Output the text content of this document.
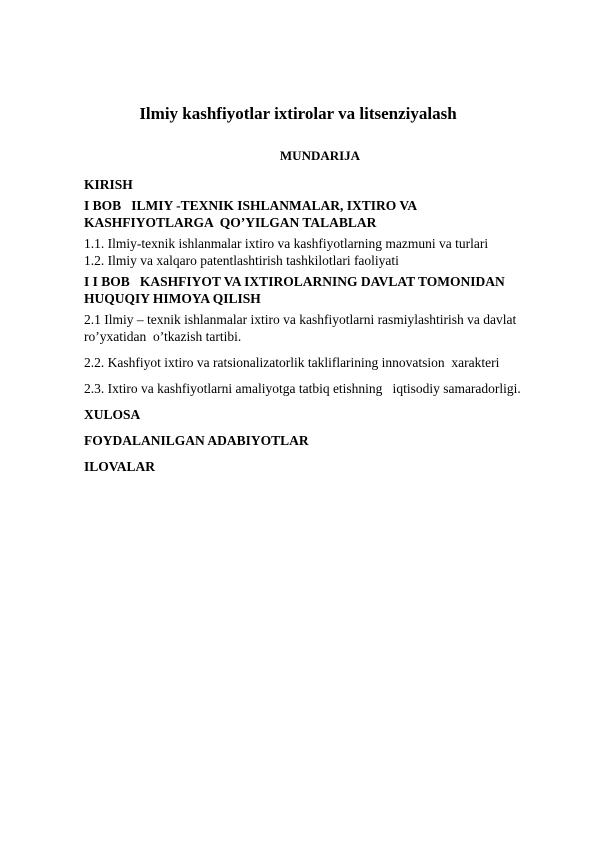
Ilmiy kashfiyotlar ixtirolar va litsenziyalash
MUNDARIJA
KIRISH
I BOB   ILMIY -TEXNIK ISHLANMALAR, IXTIRO VA
KASHFIYOTLARGA  QO’YILGAN TALABLAR
1.1. Ilmiy-texnik ishlanmalar ixtiro va kashfiyotlarning mazmuni va turlari
1.2. Ilmiy va xalqaro patentlashtirish tashkilotlari faoliyati
I I BOB   KASHFIYOT VA IXTIROLARNING DAVLAT TOMONIDAN
HUQUQIY HIMOYA QILISH
2.1 Ilmiy – texnik ishlanmalar ixtiro va kashfiyotlarni rasmiylashtirish va davlat
ro’yxatidan  o’tkazish tartibi.
2.2. Kashfiyot ixtiro va ratsionalizatorlik takliflarining innovatsion  xarakteri
2.3. Ixtiro va kashfiyotlarni amaliyotga tatbiq etishning   iqtisodiy samaradorligi.
XULOSA
FOYDALANILGAN ADABIYOTLAR
ILOVALAR
